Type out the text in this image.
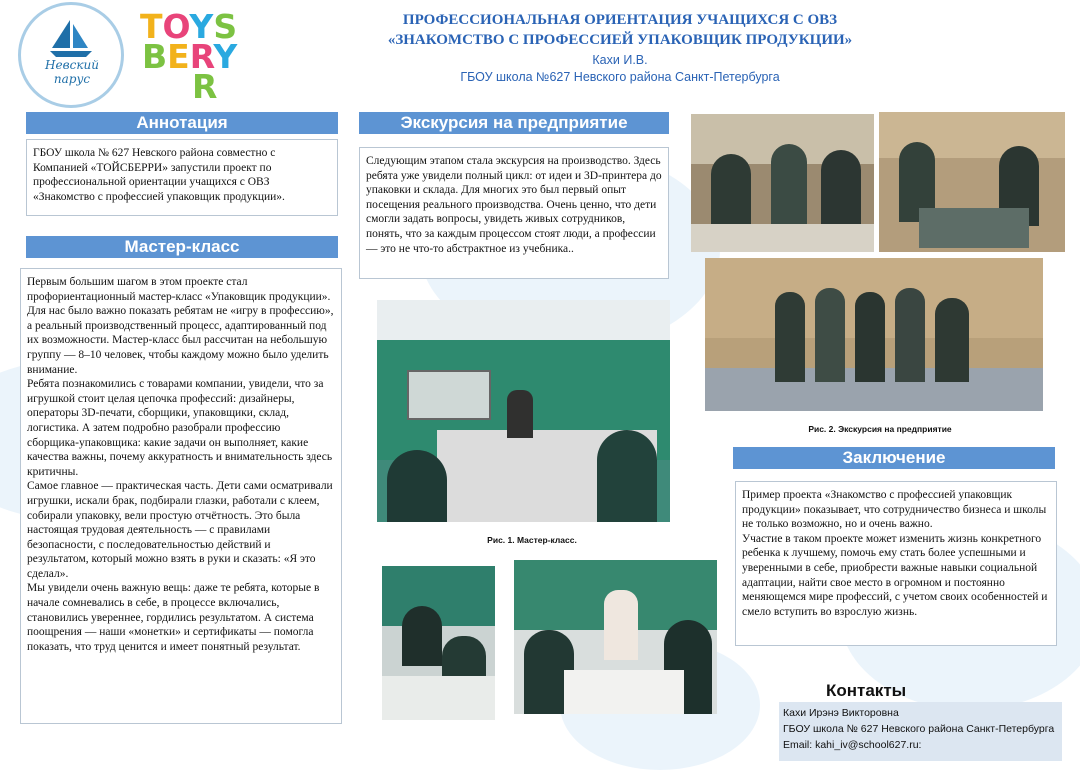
Невский парус
TOYS
BERY
R
ПРОФЕССИОНАЛЬНАЯ ОРИЕНТАЦИЯ УЧАЩИХСЯ С ОВЗ
«ЗНАКОМСТВО С ПРОФЕССИЕЙ УПАКОВЩИК ПРОДУКЦИИ»
Кахи И.В.
ГБОУ школа №627 Невского района Санкт-Петербурга
Аннотация

ГБОУ школа № 627 Невского района совместно с Компанией «ТОЙСБЕРРИ» запустили проект по профессиональной ориентации учащихся с ОВЗ «Знакомство с профессией упаковщик продукции».

Мастер-класс

Первым большим шагом в этом проекте стал профориентационный мастер-класс «Упаковщик продукции».

Для нас было важно показать ребятам не «игру в профессию», а реальный производственный процесс, адаптированный под их возможности. Мастер-класс был рассчитан на небольшую группу — 8–10 человек, чтобы каждому можно было уделить внимание.

Ребята познакомились с товарами компании, увидели, что за игрушкой стоит целая цепочка профессий: дизайнеры, операторы 3D-печати, сборщики, упаковщики, склад, логистика. А затем подробно разобрали профессию сборщика-упаковщика: какие задачи он выполняет, какие качества важны, почему аккуратность и внимательность здесь критичны.

Самое главное — практическая часть. Дети сами осматривали игрушки, искали брак, подбирали глазки, работали с клеем, собирали упаковку, вели простую отчётность. Это была настоящая трудовая деятельность — с правилами безопасности, с последовательностью действий и результатом, который можно взять в руки и сказать: «Я это сделал».

Мы увидели очень важную вещь: даже те ребята, которые в начале сомневались в себе, в процессе включались, становились увереннее, гордились результатом. А система поощрения — наши «монетки» и сертификаты — помогла показать, что труд ценится и имеет понятный результат.

Экскурсия на предприятие

Следующим этапом стала экскурсия на производство. Здесь ребята уже увидели полный цикл: от идеи и 3D-принтера до упаковки и склада. Для многих это был первый опыт посещения реального производства. Очень ценно, что дети смогли задать вопросы, увидеть живых сотрудников, понять, что за каждым процессом стоят люди, а профессии — это не что-то абстрактное из учебника..

Рис. 1. Мастер-класс.
Рис. 2. Экскурсия на предприятие
Заключение

Пример проекта «Знакомство с профессией упаковщик продукции» показывает, что сотрудничество бизнеса и школы не только возможно, но и очень важно.

Участие в таком проекте может изменить жизнь конкретного ребенка к лучшему, помочь ему стать более успешными и уверенными в себе, приобрести важные навыки социальной адаптации, найти свое место в огромном и постоянно меняющемся мире профессий, с учетом своих особенностей и смело вступить во взрослую жизнь.

Контакты
Кахи Ирэнэ Викторовна
ГБОУ школа № 627 Невского района Санкт-Петербурга
Email: kahi_iv@school627.ru:
